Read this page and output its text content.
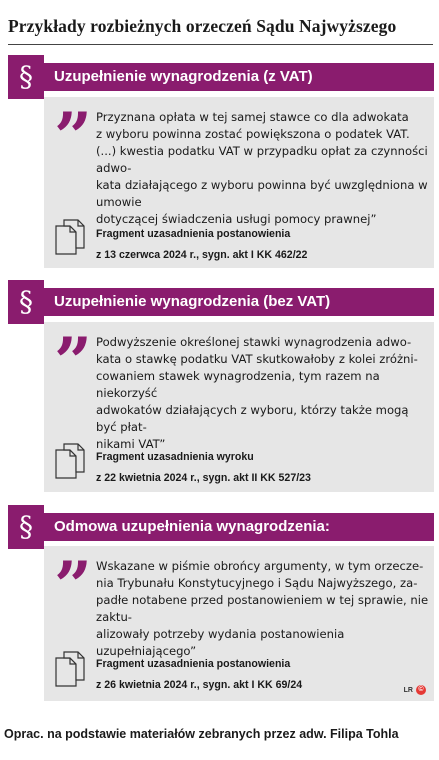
Przykłady rozbieżnych orzeczeń Sądu Najwyższego
” Przyznana opłata w tej samej stawce co dla adwokata
z wyboru powinna zostać powiększona o podatek VAT.
(...) kwestia podatku VAT w przypadku opłat za czynności adwo-
kata działającego z wyboru powinna być uwzględniona w umowie
dotyczącej świadczenia usługi pomocy prawnej”
Fragment uzasadnienia postanowienia
z 13 czerwca 2024 r., sygn. akt I KK 462/22
Uzupełnienie wynagrodzenia (z VAT)
§
” Podwyższenie określonej stawki wynagrodzenia adwo-
kata o stawkę podatku VAT skutkowałoby z kolei zróżni-
cowaniem stawek wynagrodzenia, tym razem na niekorzyść
adwokatów działających z wyboru, którzy także mogą być płat-
nikami VAT”
Fragment uzasadnienia wyroku
z 22 kwietnia 2024 r., sygn. akt II KK 527/23
Uzupełnienie wynagrodzenia (bez VAT)
§
” Wskazane w piśmie obrońcy argumenty, w tym orzecze-
nia Trybunału Konstytucyjnego i Sądu Najwyższego, za-
padłe notabene przed postanowieniem w tej sprawie, nie zaktu-
alizowały potrzeby wydania postanowienia uzupełniającego”
Fragment uzasadnienia postanowienia
z 26 kwietnia 2024 r., sygn. akt I KK 69/24	LR ©
Odmowa uzupełnienia wynagrodzenia:
§
Oprac. na podstawie materiałów zebranych przez adw. Filipa Tohla
